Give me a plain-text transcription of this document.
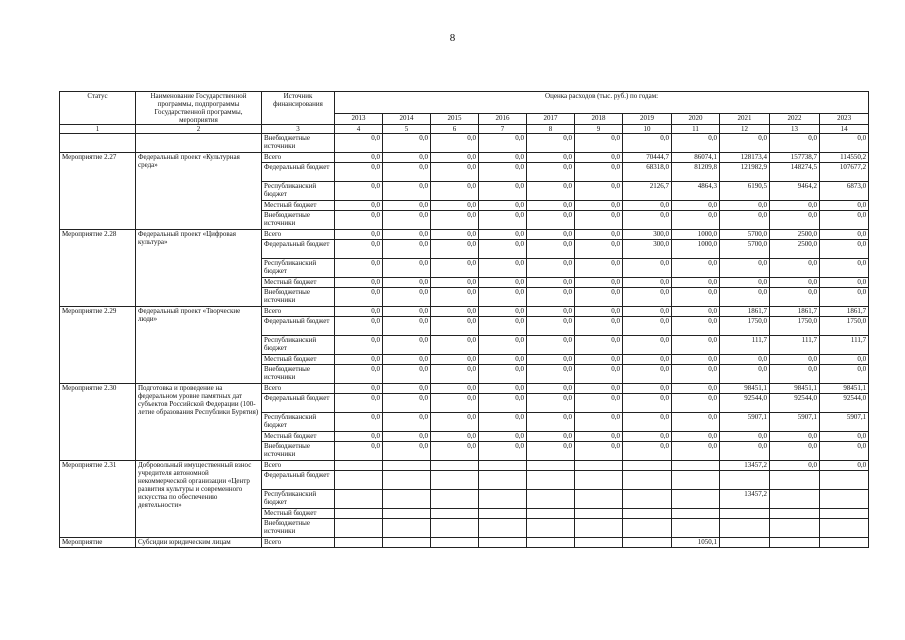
8
Статус	Наименование Государственной программы, подпрограммы Государственной программы, мероприятия	Источник финансирования	Оценка расходов (тыс. руб.) по годам:										
			2013	2014	2015	2016	2017	2018	2019	2020	2021	2022	2023
1	2	3	4	5	6	7	8	9	10	11	12	13	14
		Внебюджетные источники	0,0	0,0	0,0	0,0	0,0	0,0	0,0	0,0	0,0	0,0	0,0
Мероприятие 2.27	Федеральный проект «Культурная среда»	Всего	0,0	0,0	0,0	0,0	0,0	0,0	70444,7	86074,1	128173,4	157738,7	114550,2
		Федеральный бюджет	0,0	0,0	0,0	0,0	0,0	0,0	68318,0	81209,8	121982,9	148274,5	107677,2
		Республиканский бюджет	0,0	0,0	0,0	0,0	0,0	0,0	2126,7	4864,3	6190,5	9464,2	6873,0
		Местный бюджет	0,0	0,0	0,0	0,0	0,0	0,0	0,0	0,0	0,0	0,0	0,0
		Внебюджетные источники	0,0	0,0	0,0	0,0	0,0	0,0	0,0	0,0	0,0	0,0	0,0
Мероприятие 2.28	Федеральный проект «Цифровая культура»	Всего	0,0	0,0	0,0	0,0	0,0	0,0	300,0	1000,0	5700,0	2500,0	0,0
		Федеральный бюджет	0,0	0,0	0,0	0,0	0,0	0,0	300,0	1000,0	5700,0	2500,0	0,0
		Республиканский бюджет	0,0	0,0	0,0	0,0	0,0	0,0	0,0	0,0	0,0	0,0	0,0
		Местный бюджет	0,0	0,0	0,0	0,0	0,0	0,0	0,0	0,0	0,0	0,0	0,0
		Внебюджетные источники	0,0	0,0	0,0	0,0	0,0	0,0	0,0	0,0	0,0	0,0	0,0
Мероприятие 2.29	Федеральный проект «Творческие люди»	Всего	0,0	0,0	0,0	0,0	0,0	0,0	0,0	0,0	1861,7	1861,7	1861,7
		Федеральный бюджет	0,0	0,0	0,0	0,0	0,0	0,0	0,0	0,0	1750,0	1750,0	1750,0
		Республиканский бюджет	0,0	0,0	0,0	0,0	0,0	0,0	0,0	0,0	111,7	111,7	111,7
		Местный бюджет	0,0	0,0	0,0	0,0	0,0	0,0	0,0	0,0	0,0	0,0	0,0
		Внебюджетные источники	0,0	0,0	0,0	0,0	0,0	0,0	0,0	0,0	0,0	0,0	0,0
Мероприятие 2.30	Подготовка и проведение на федеральном уровне памятных дат субъектов Российской Федерации (100- летие образования Республики Бурятия)	Всего	0,0	0,0	0,0	0,0	0,0	0,0	0,0	0,0	98451,1	98451,1	98451,1
		Федеральный бюджет	0,0	0,0	0,0	0,0	0,0	0,0	0,0	0,0	92544,0	92544,0	92544,0
		Республиканский бюджет	0,0	0,0	0,0	0,0	0,0	0,0	0,0	0,0	5907,1	5907,1	5907,1
		Местный бюджет	0,0	0,0	0,0	0,0	0,0	0,0	0,0	0,0	0,0	0,0	0,0
		Внебюджетные источники	0,0	0,0	0,0	0,0	0,0	0,0	0,0	0,0	0,0	0,0	0,0
Мероприятие 2.31	Добровольный имущественный взнос учредителя автономной некоммерческой организации «Центр развития культуры и современного искусства по обеспечению деятельности»	Всего									13457,2	0,0	0,0
		Федеральный бюджет											
		Республиканский бюджет									13457,2		
		Местный бюджет											
		Внебюджетные источники											
Мероприятие	Субсидии юридическим лицам	Всего								1050,1			
